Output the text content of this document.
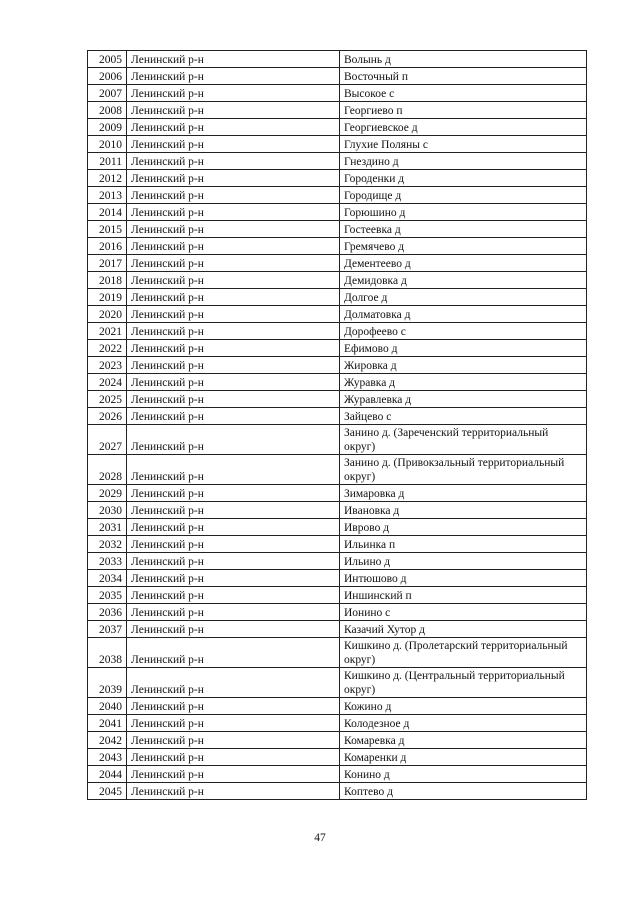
2005	Ленинский р-н	Волынь д
2006	Ленинский р-н	Восточный п
2007	Ленинский р-н	Высокое с
2008	Ленинский р-н	Георгиево п
2009	Ленинский р-н	Георгиевское д
2010	Ленинский р-н	Глухие Поляны с
2011	Ленинский р-н	Гнездино д
2012	Ленинский р-н	Городенки д
2013	Ленинский р-н	Городище д
2014	Ленинский р-н	Горюшино д
2015	Ленинский р-н	Гостеевка д
2016	Ленинский р-н	Гремячево д
2017	Ленинский р-н	Дементеево д
2018	Ленинский р-н	Демидовка д
2019	Ленинский р-н	Долгое д
2020	Ленинский р-н	Долматовка д
2021	Ленинский р-н	Дорофеево с
2022	Ленинский р-н	Ефимово д
2023	Ленинский р-н	Жировка д
2024	Ленинский р-н	Журавка д
2025	Ленинский р-н	Журавлевка д
2026	Ленинский р-н	Зайцево с
2027	Ленинский р-н	Занино д. (Зареченский территориальный округ)
2028	Ленинский р-н	Занино д. (Привокзальный территориальный округ)
2029	Ленинский р-н	Зимаровка д
2030	Ленинский р-н	Ивановка д
2031	Ленинский р-н	Иврово д
2032	Ленинский р-н	Ильинка п
2033	Ленинский р-н	Ильино д
2034	Ленинский р-н	Интюшово д
2035	Ленинский р-н	Иншинский п
2036	Ленинский р-н	Ионино с
2037	Ленинский р-н	Казачий Хутор д
2038	Ленинский р-н	Кишкино д. (Пролетарский территориальный округ)
2039	Ленинский р-н	Кишкино д. (Центральный территориальный округ)
2040	Ленинский р-н	Кожино д
2041	Ленинский р-н	Колодезное д
2042	Ленинский р-н	Комаревка д
2043	Ленинский р-н	Комаренки д
2044	Ленинский р-н	Конино д
2045	Ленинский р-н	Коптево д
47
